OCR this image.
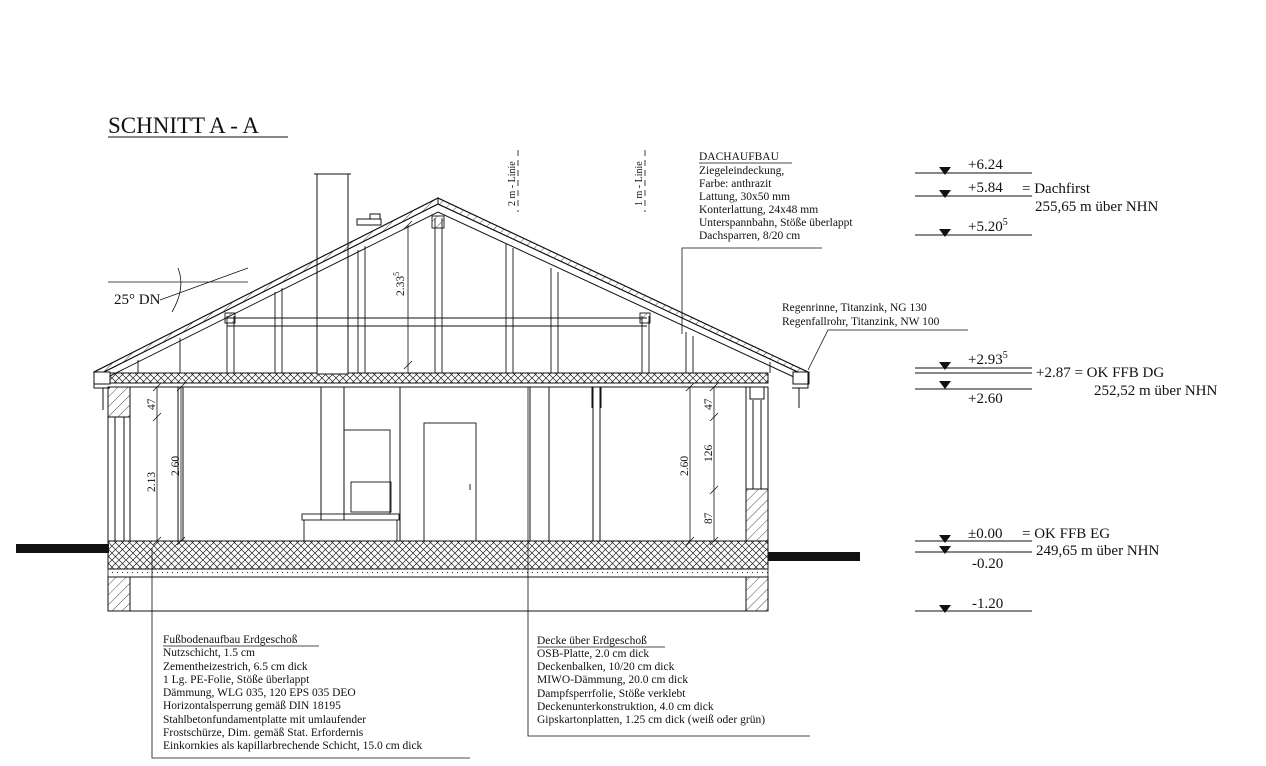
SCHNITT A - A
2 m - Linie	1 m - Linie
25° DN
2.33$^5$
47
2.13
2.60	2.60
47
126
87
DACHAUFBAU
Ziegeleindeckung,
Farbe: anthrazit
Lattung, 30x50 mm
Konterlattung, 24x48 mm
Unterspannbahn, Stöße überlappt
Dachsparren, 8/20 cm
Regenrinne, Titanzink, NG 130
Regenfallrohr, Titanzink, NW 100
+6.24
+5.84 = Dachfirst
255,65 m über NHN
$+5.20^5$
$+2.93^5$
+2.87 = OK FFB DG
252,52 m über NHN
+2.60
±0.00 = OK FFB EG
249,65 m über NHN
-0.20
-1.20
Fußbodenaufbau Erdgeschoß
Nutzschicht, 1.5 cm
Zementheizestrich, 6.5 cm dick
1 Lg. PE-Folie, Stöße überlappt
Dämmung, WLG 035, 120 EPS 035 DEO
Horizontalsperrung gemäß DIN 18195
Stahlbetonfundamentplatte mit umlaufender
Frostschürze, Dim. gemäß Stat. Erfordernis
Einkornkies als kapillarbrechende Schicht, 15.0 cm dick
Decke über Erdgeschoß
OSB-Platte, 2.0 cm dick
Deckenbalken, 10/20 cm dick
MIWO-Dämmung, 20.0 cm dick
Dampfsperrfolie, Stöße verklebt
Deckenunterkonstruktion, 4.0 cm dick
Gipskartonplatten, 1.25 cm dick (weiß oder grün)
